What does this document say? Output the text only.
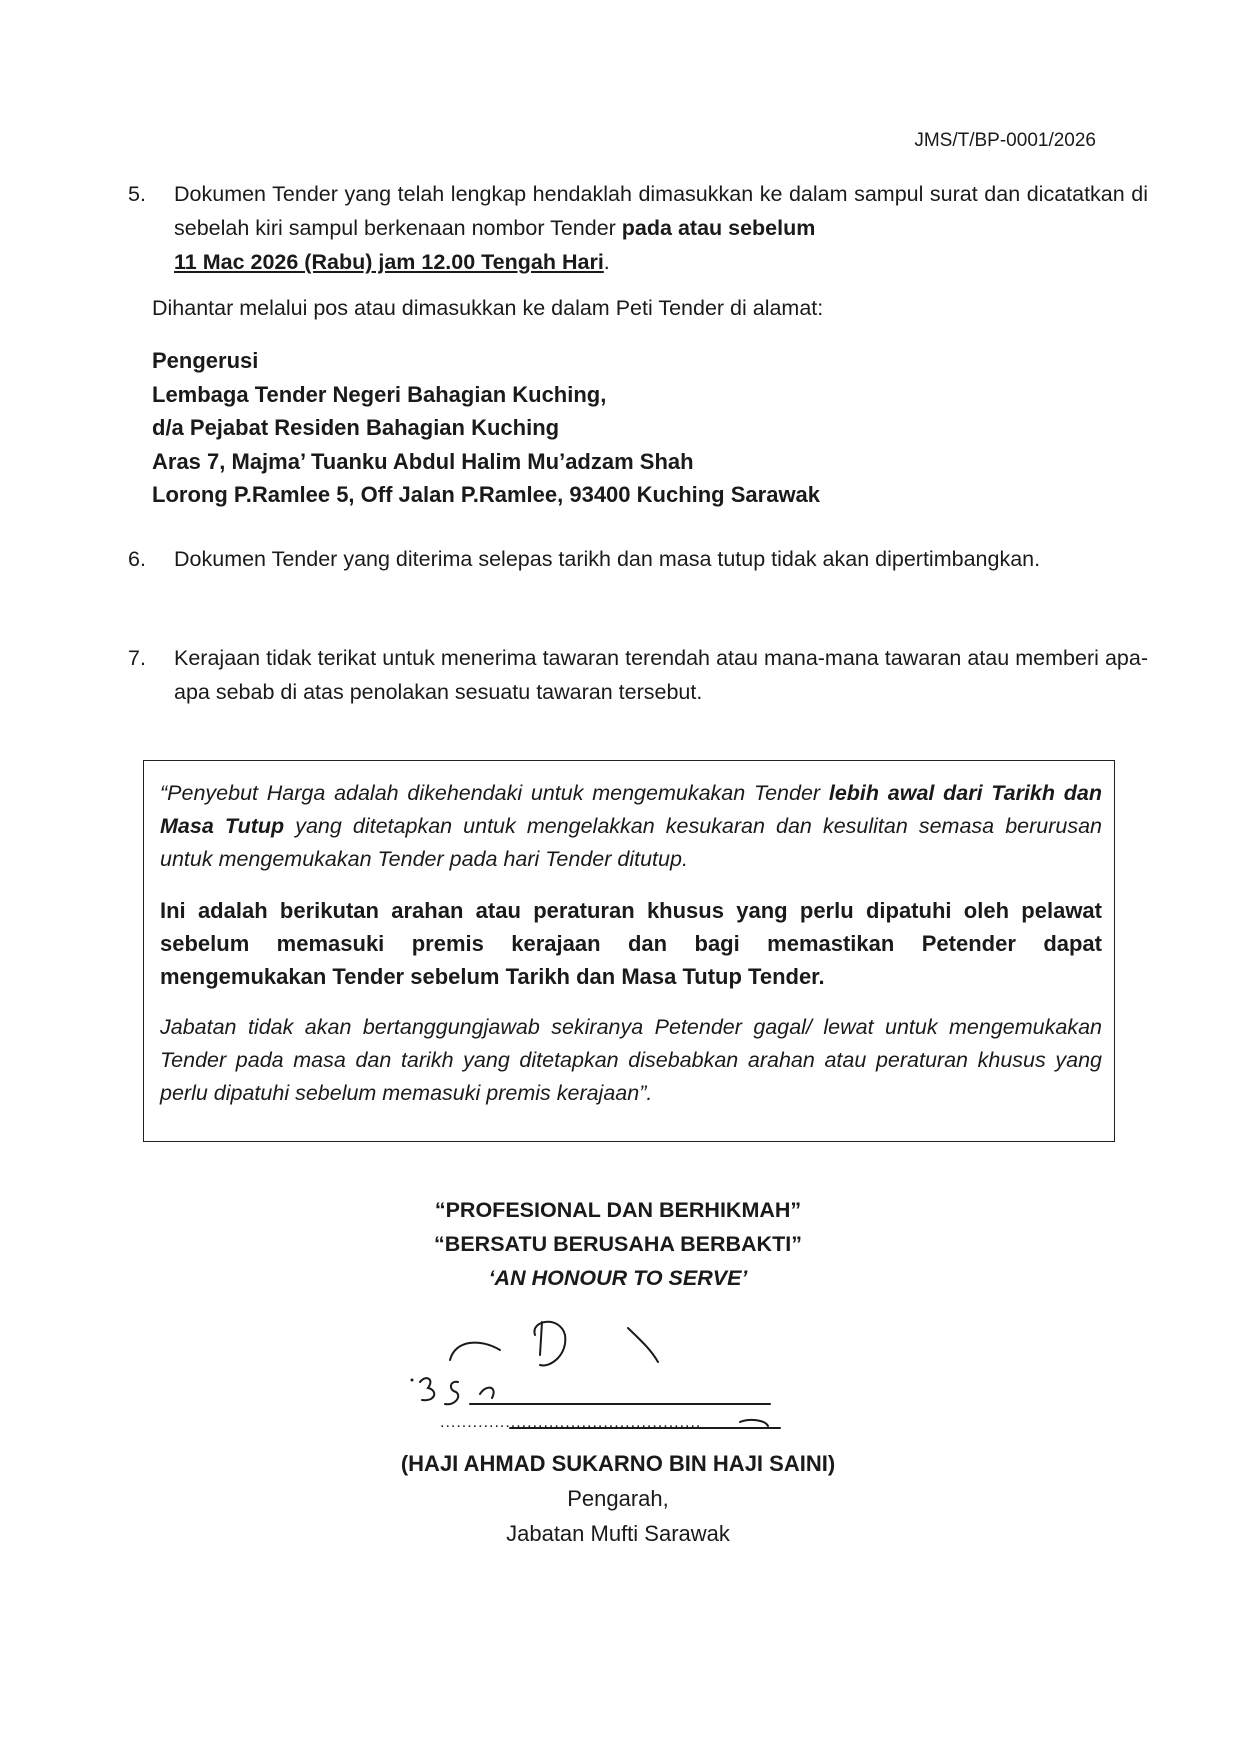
JMS/T/BP-0001/2026
5. Dokumen Tender yang telah lengkap hendaklah dimasukkan ke dalam sampul surat dan dicatatkan di sebelah kiri sampul berkenaan nombor Tender pada atau sebelum
11 Mac 2026 (Rabu) jam 12.00 Tengah Hari.
Dihantar melalui pos atau dimasukkan ke dalam Peti Tender di alamat:
Pengerusi
Lembaga Tender Negeri Bahagian Kuching,
d/a Pejabat Residen Bahagian Kuching
Aras 7, Majma’ Tuanku Abdul Halim Mu’adzam Shah
Lorong P.Ramlee 5, Off Jalan P.Ramlee, 93400 Kuching Sarawak
6. Dokumen Tender yang diterima selepas tarikh dan masa tutup tidak akan dipertimbangkan.
7. Kerajaan tidak terikat untuk menerima tawaran terendah atau mana-mana tawaran atau memberi apa-apa sebab di atas penolakan sesuatu tawaran tersebut.

“Penyebut Harga adalah dikehendaki untuk mengemukakan Tender lebih awal dari Tarikh dan Masa Tutup yang ditetapkan untuk mengelakkan kesukaran dan kesulitan semasa berurusan untuk mengemukakan Tender pada hari Tender ditutup.

Ini adalah berikutan arahan atau peraturan khusus yang perlu dipatuhi oleh pelawat sebelum memasuki premis kerajaan dan bagi memastikan Petender dapat mengemukakan Tender sebelum Tarikh dan Masa Tutup Tender.

Jabatan tidak akan bertanggungjawab sekiranya Petender gagal/ lewat untuk mengemukakan Tender pada masa dan tarikh yang ditetapkan disebabkan arahan atau peraturan khusus yang perlu dipatuhi sebelum memasuki premis kerajaan”.

“PROFESIONAL DAN BERHIKMAH”
“BERSATU BERUSAHA BERBAKTI”
‘AN HONOUR TO SERVE’
................................................
(HAJI AHMAD SUKARNO BIN HAJI SAINI)
Pengarah,
Jabatan Mufti Sarawak
